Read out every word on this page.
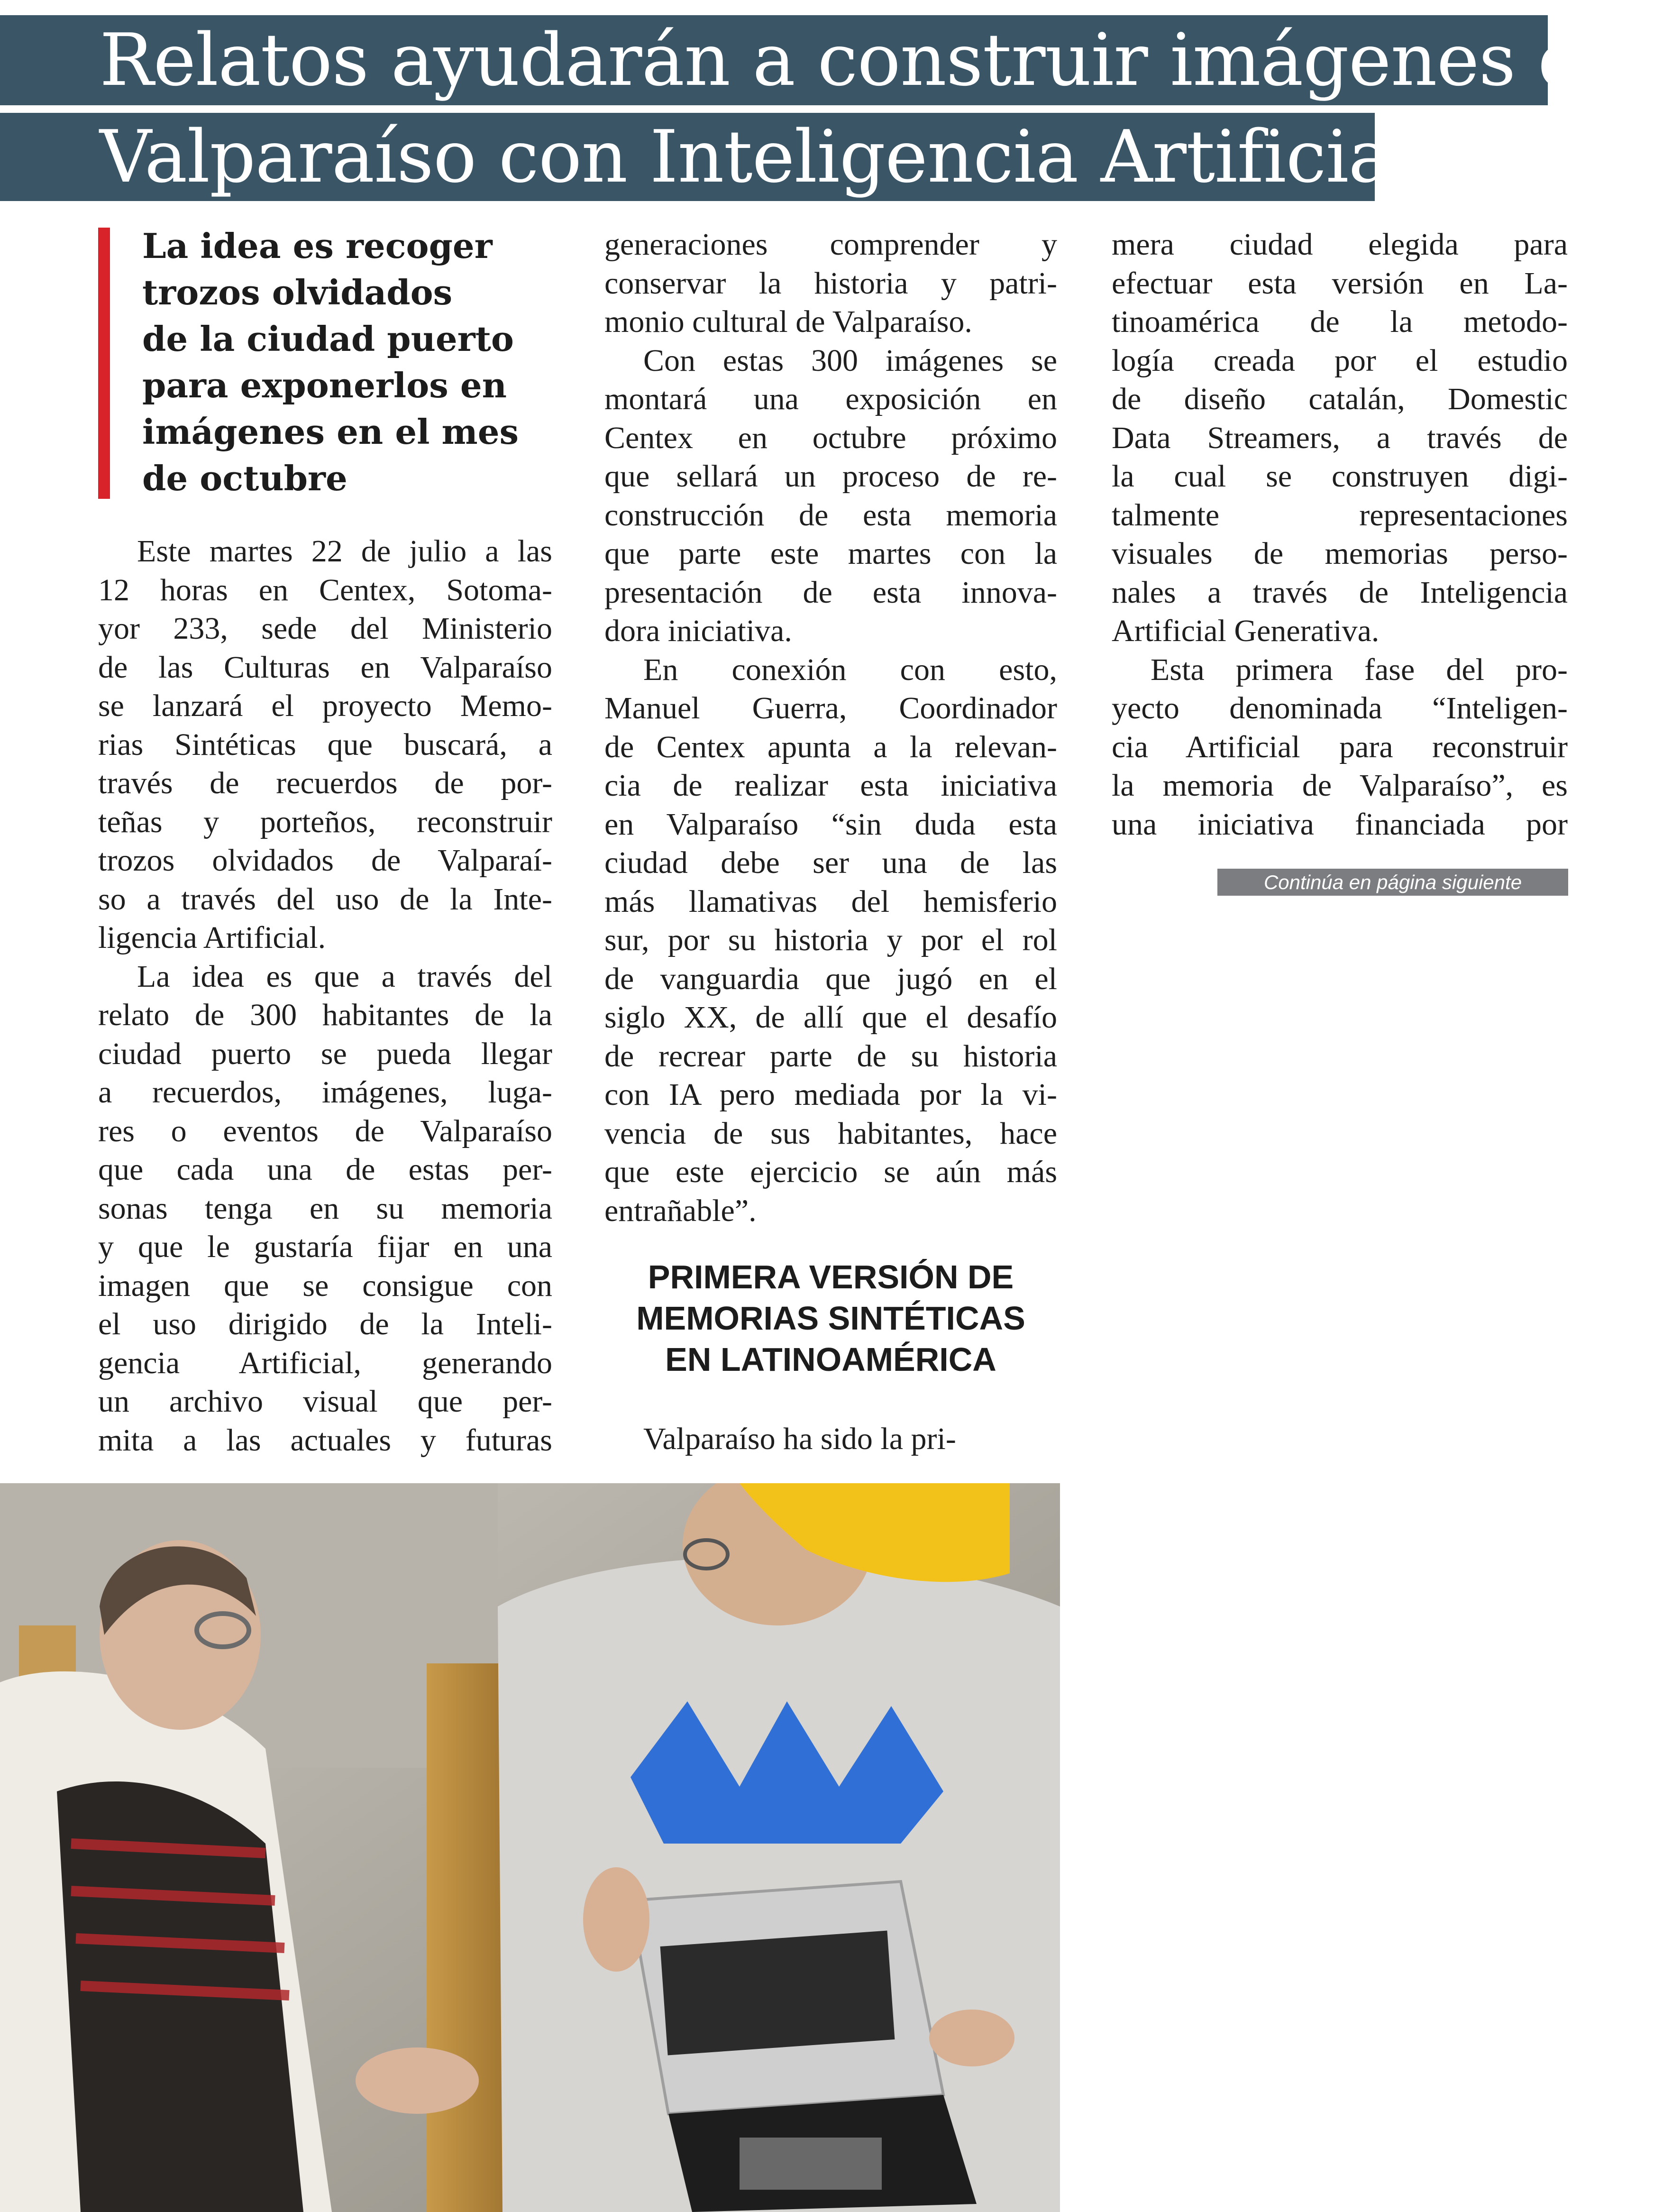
Relatos ayudarán a construir imágenes de
Valparaíso con Inteligencia Artificial
La idea es recoger
trozos olvidados
de la ciudad puerto
para exponerlos en
imágenes en el mes
de octubre
Este martes 22 de julio a las
12 horas en Centex, Sotoma-
yor 233, sede del Ministerio
de las Culturas en Valparaíso
se lanzará el proyecto Memo-
rias Sintéticas que buscará, a
través de recuerdos de por-
teñas y porteños, reconstruir
trozos olvidados de Valparaí-
so a través del uso de la Inte-
ligencia Artificial.
La idea es que a través del
relato de 300 habitantes de la
ciudad puerto se pueda llegar
a recuerdos, imágenes, luga-
res o eventos de Valparaíso
que cada una de estas per-
sonas tenga en su memoria
y que le gustaría fijar en una
imagen que se consigue con
el uso dirigido de la Inteli-
gencia Artificial, generando
un archivo visual que per-
mita a las actuales y futuras
generaciones comprender y
conservar la historia y patri-
monio cultural de Valparaíso.
Con estas 300 imágenes se
montará una exposición en
Centex en octubre próximo
que sellará un proceso de re-
construcción de esta memoria
que parte este martes con la
presentación de esta innova-
dora iniciativa.
En conexión con esto,
Manuel Guerra, Coordinador
de Centex apunta a la relevan-
cia de realizar esta iniciativa
en Valparaíso “sin duda esta
ciudad debe ser una de las
más llamativas del hemisferio
sur, por su historia y por el rol
de vanguardia que jugó en el
siglo XX, de allí que el desafío
de recrear parte de su historia
con IA pero mediada por la vi-
vencia de sus habitantes, hace
que este ejercicio se aún más
entrañable”.
mera ciudad elegida para
efectuar esta versión en La-
tinoamérica de la metodo-
logía creada por el estudio
de diseño catalán, Domestic
Data Streamers, a través de
la cual se construyen digi-
talmente representaciones
visuales de memorias perso-
nales a través de Inteligencia
Artificial Generativa.
Esta primera fase del pro-
yecto denominada “Inteligen-
cia Artificial para reconstruir
la memoria de Valparaíso”, es
una iniciativa financiada por
PRIMERA VERSIÓN DE
MEMORIAS SINTÉTICAS
EN LATINOAMÉRICA
Valparaíso ha sido la pri-
Continúa en página siguiente
